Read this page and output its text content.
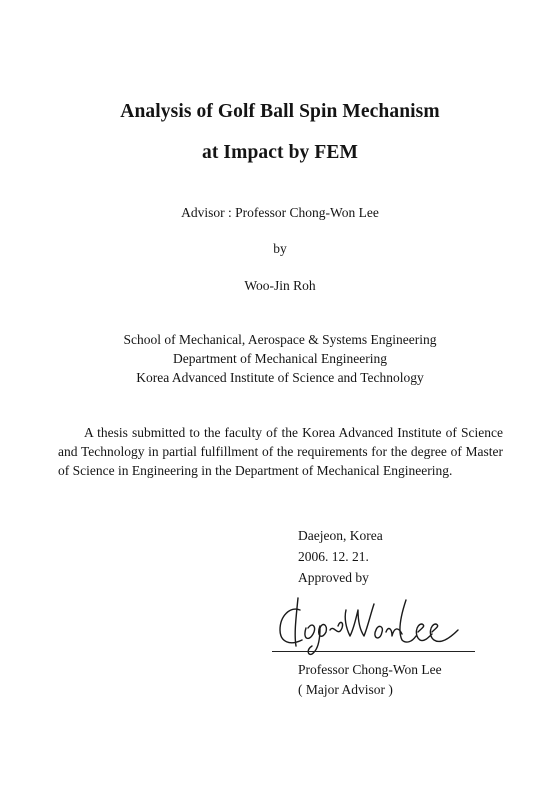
Analysis of Golf Ball Spin Mechanism
at Impact by FEM
Advisor : Professor Chong-Won Lee
by
Woo-Jin Roh
School of Mechanical, Aerospace & Systems Engineering
Department of Mechanical Engineering
Korea Advanced Institute of Science and Technology

A thesis submitted to the faculty of the Korea Advanced Institute of Science and Technology in partial fulfillment of the requirements for the degree of Master of Science in Engineering in the Department of Mechanical Engineering.

Daejeon, Korea
2006. 12. 21.
Approved by
Professor Chong-Won Lee
( Major Advisor )
